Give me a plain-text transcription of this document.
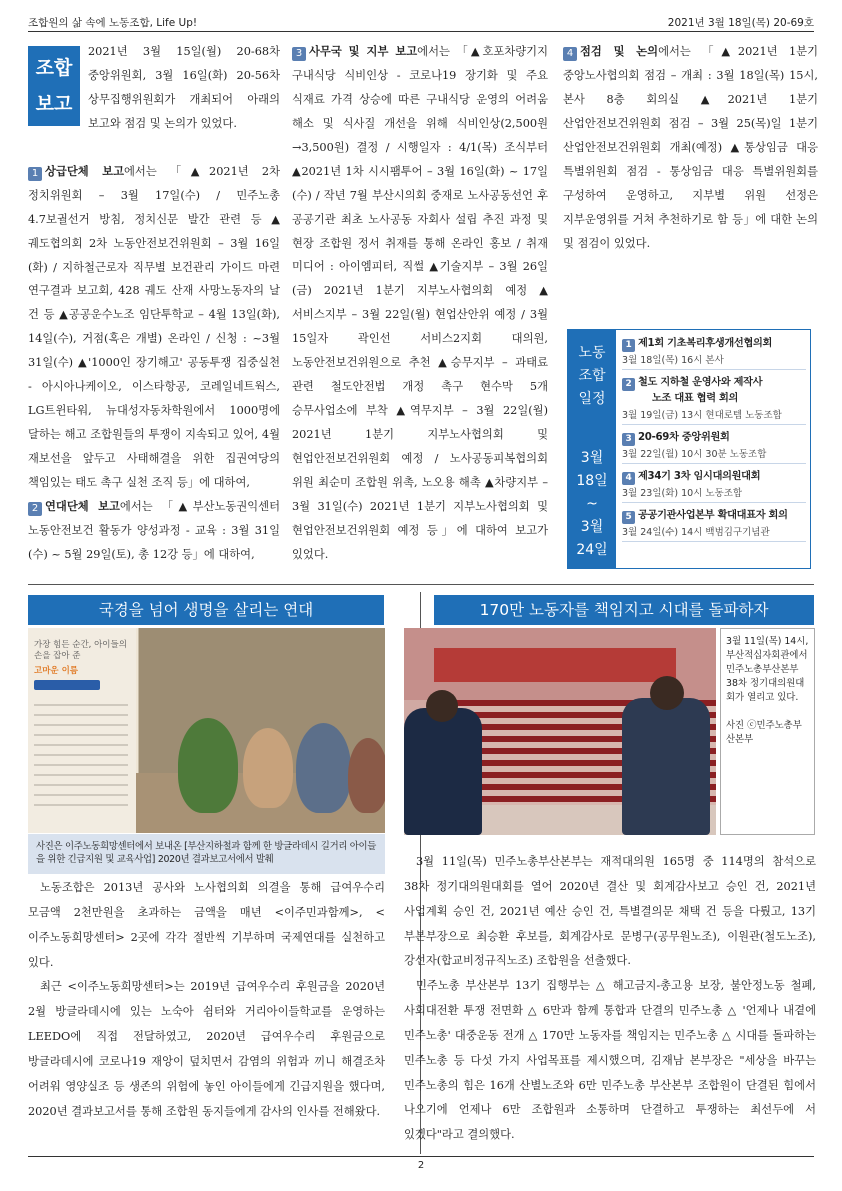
조합원의 삶 속에 노동조합, Life Up!	2021년 3월 18일(목) 20-69호
조합
보고

2021년 3월 15일(월) 20-68차 중앙위원회, 3월 16일(화) 20-56차 상무집행위원회가 개최되어 아래의 보고와 점검 및 논의가 있었다.

1 상급단체 보고에서는 「▲2021년 2차 정치위원회 – 3월 17일(수) / 민주노총 4.7보궐선거 방침, 정치신문 발간 관련 등 ▲궤도협의회 2차 노동안전보건위원회 – 3월 16일(화) / 지하철근로자 직무별 보건관리 가이드 마련 연구결과 보고회, 428 궤도 산재 사망노동자의 날 건 등 ▲공공운수노조 임단투학교 – 4월 13일(화), 14일(수), 거점(혹은 개별) 온라인 / 신청 : ~3월 31일(수) ▲'1000인 장기해고' 공동투쟁 집중실천 - 아시아나케이오, 이스타항공, 코레일네트웍스, LG트윈타워, 뉴대성자동차학원에서 1000명에 달하는 해고 조합원들의 투쟁이 지속되고 있어, 4월 재보선을 앞두고 사태해결을 위한 집권여당의 책임있는 태도 촉구 실천 조직 등」에 대하여,

2 연대단체 보고에서는 「▲부산노동권익센터 노동안전보건 활동가 양성과정 - 교육 : 3월 31일(수) ~ 5월 29일(토), 총 12강 등」에 대하여,

3 사무국 및 지부 보고에서는 「▲호포차량기지 구내식당 식비인상 - 코로나19 장기화 및 주요 식재료 가격 상승에 따른 구내식당 운영의 어려움 해소 및 식사질 개선을 위해 식비인상(2,500원→3,500원) 결정 / 시행일자 : 4/1(목) 조식부터 ▲2021년 1차 시시팸투어 – 3월 16일(화) ~ 17일(수) / 작년 7월 부산시의회 중재로 노사공동선언 후 공공기관 최초 노사공동 자회사 설립 추진 과정 및 현장 조합원 정서 취재를 통해 온라인 홍보 / 취재 미디어 : 아이엠피터, 직썰 ▲기술지부 – 3월 26일(금) 2021년 1분기 지부노사협의회 예정 ▲서비스지부 – 3월 22일(월) 현업산안위 예정 / 3월 15일자 곽인선 서비스2지회 대의원, 노동안전보건위원으로 추천 ▲승무지부 – 과태료 관련 철도안전법 개정 촉구 현수막 5개 승무사업소에 부착 ▲역무지부 – 3월 22일(월) 2021년 1분기 지부노사협의회 및 현업안전보건위원회 예정 / 노사공동피복협의회 위원 최순미 조합원 위촉, 노오용 해촉 ▲차량지부 – 3월 31일(수) 2021년 1분기 지부노사협의회 및 현업안전보건위원회 예정 등」에 대하여 보고가 있었다.

4 점검 및 논의에서는 「▲2021년 1분기 중앙노사협의회 점검 – 개최 : 3월 18일(목) 15시, 본사 8층 회의실 ▲2021년 1분기 산업안전보건위원회 점검 – 3월 25(목)일 1분기 산업안전보건위원회 개최(예정) ▲통상임금 대응 특별위원회 점검 - 통상임금 대응 특별위원회를 구성하여 운영하고, 지부별 위원 선정은 지부운영위를 거쳐 추천하기로 함 등」에 대한 논의 및 점검이 있었다.

노동
조합
일정
3월
18일
~
3월
24일
1 제1회 기초복리후생개선협의회
3월 18일(목) 16시 본사
2 철도 지하철 운영사와 제작사
노조 대표 협력 회의
3월 19일(금) 13시 현대로템 노동조합
3 20-69차 중앙위원회
3월 22일(월) 10시 30분 노동조합
4 제34기 3차 임시대의원대회
3월 23일(화) 10시 노동조합
5 공공기관사업본부 확대대표자 회의
3월 24일(수) 14시 백범김구기념관
국경을 넘어 생명을 살리는 연대
가장 힘든 순간, 아이들의 손을 잡아 준
고마운 이름
사진은 이주노동희망센터에서 보내온 [부산지하철과 함께 한 방글라데시 길거리 아이들을 위한 긴급지원 및 교육사업] 2020년 결과보고서에서 발췌

노동조합은 2013년 공사와 노사협의회 의결을 통해 급여우수리 모금액 2천만원을 초과하는 금액을 매년 <이주민과함께>, <이주노동희망센터> 2곳에 각각 절반씩 기부하며 국제연대를 실천하고 있다.

최근 <이주노동희망센터>는 2019년 급여우수리 후원금을 2020년 2월 방글라데시에 있는 노숙아 쉼터와 거리아이들학교를 운영하는 LEEDO에 직접 전달하였고, 2020년 급여우수리 후원금으로 방글라데시에 코로나19 재앙이 덮치면서 감염의 위험과 끼니 해결조차 어려워 영양실조 등 생존의 위험에 놓인 아이들에게 긴급지원을 했다며, 2020년 결과보고서를 통해 조합원 동지들에게 감사의 인사를 전해왔다.

170만 노동자를 책임지고 시대를 돌파하자
3월 11일(목) 14시, 부산적십자회관에서 민주노총부산본부 38차 정기대의원대회가 열리고 있다.
사진 ⓒ민주노총부산본부

3월 11일(목) 민주노총부산본부는 재적대의원 165명 중 114명의 참석으로 38차 정기대의원대회를 열어 2020년 결산 및 회계감사보고 승인 건, 2021년 사업계획 승인 건, 2021년 예산 승인 건, 특별결의문 채택 건 등을 다뤘고, 13기 부본부장으로 최승환 후보를, 회계감사로 문병구(공무원노조), 이원관(철도노조), 강선자(합교비정규직노조) 조합원을 선출했다.

민주노총 부산본부 13기 집행부는 △ 해고금지-총고용 보장, 불안정노동 철폐, 사회대전환 투쟁 전면화 △ 6만과 함께 통합과 단결의 민주노총 △ '언제나 내곁에 민주노총' 대중운동 전개 △ 170만 노동자를 책임지는 민주노총 △ 시대를 돌파하는 민주노총 등 다섯 가지 사업목표를 제시했으며, 김재남 본부장은 "세상을 바꾸는 민주노총의 힘은 16개 산별노조와 6만 민주노총 부산본부 조합원이 단결된 힘에서 나오기에 언제나 6만 조합원과 소통하며 단결하고 투쟁하는 최선두에 서 있겠다"라고 결의했다.

2
